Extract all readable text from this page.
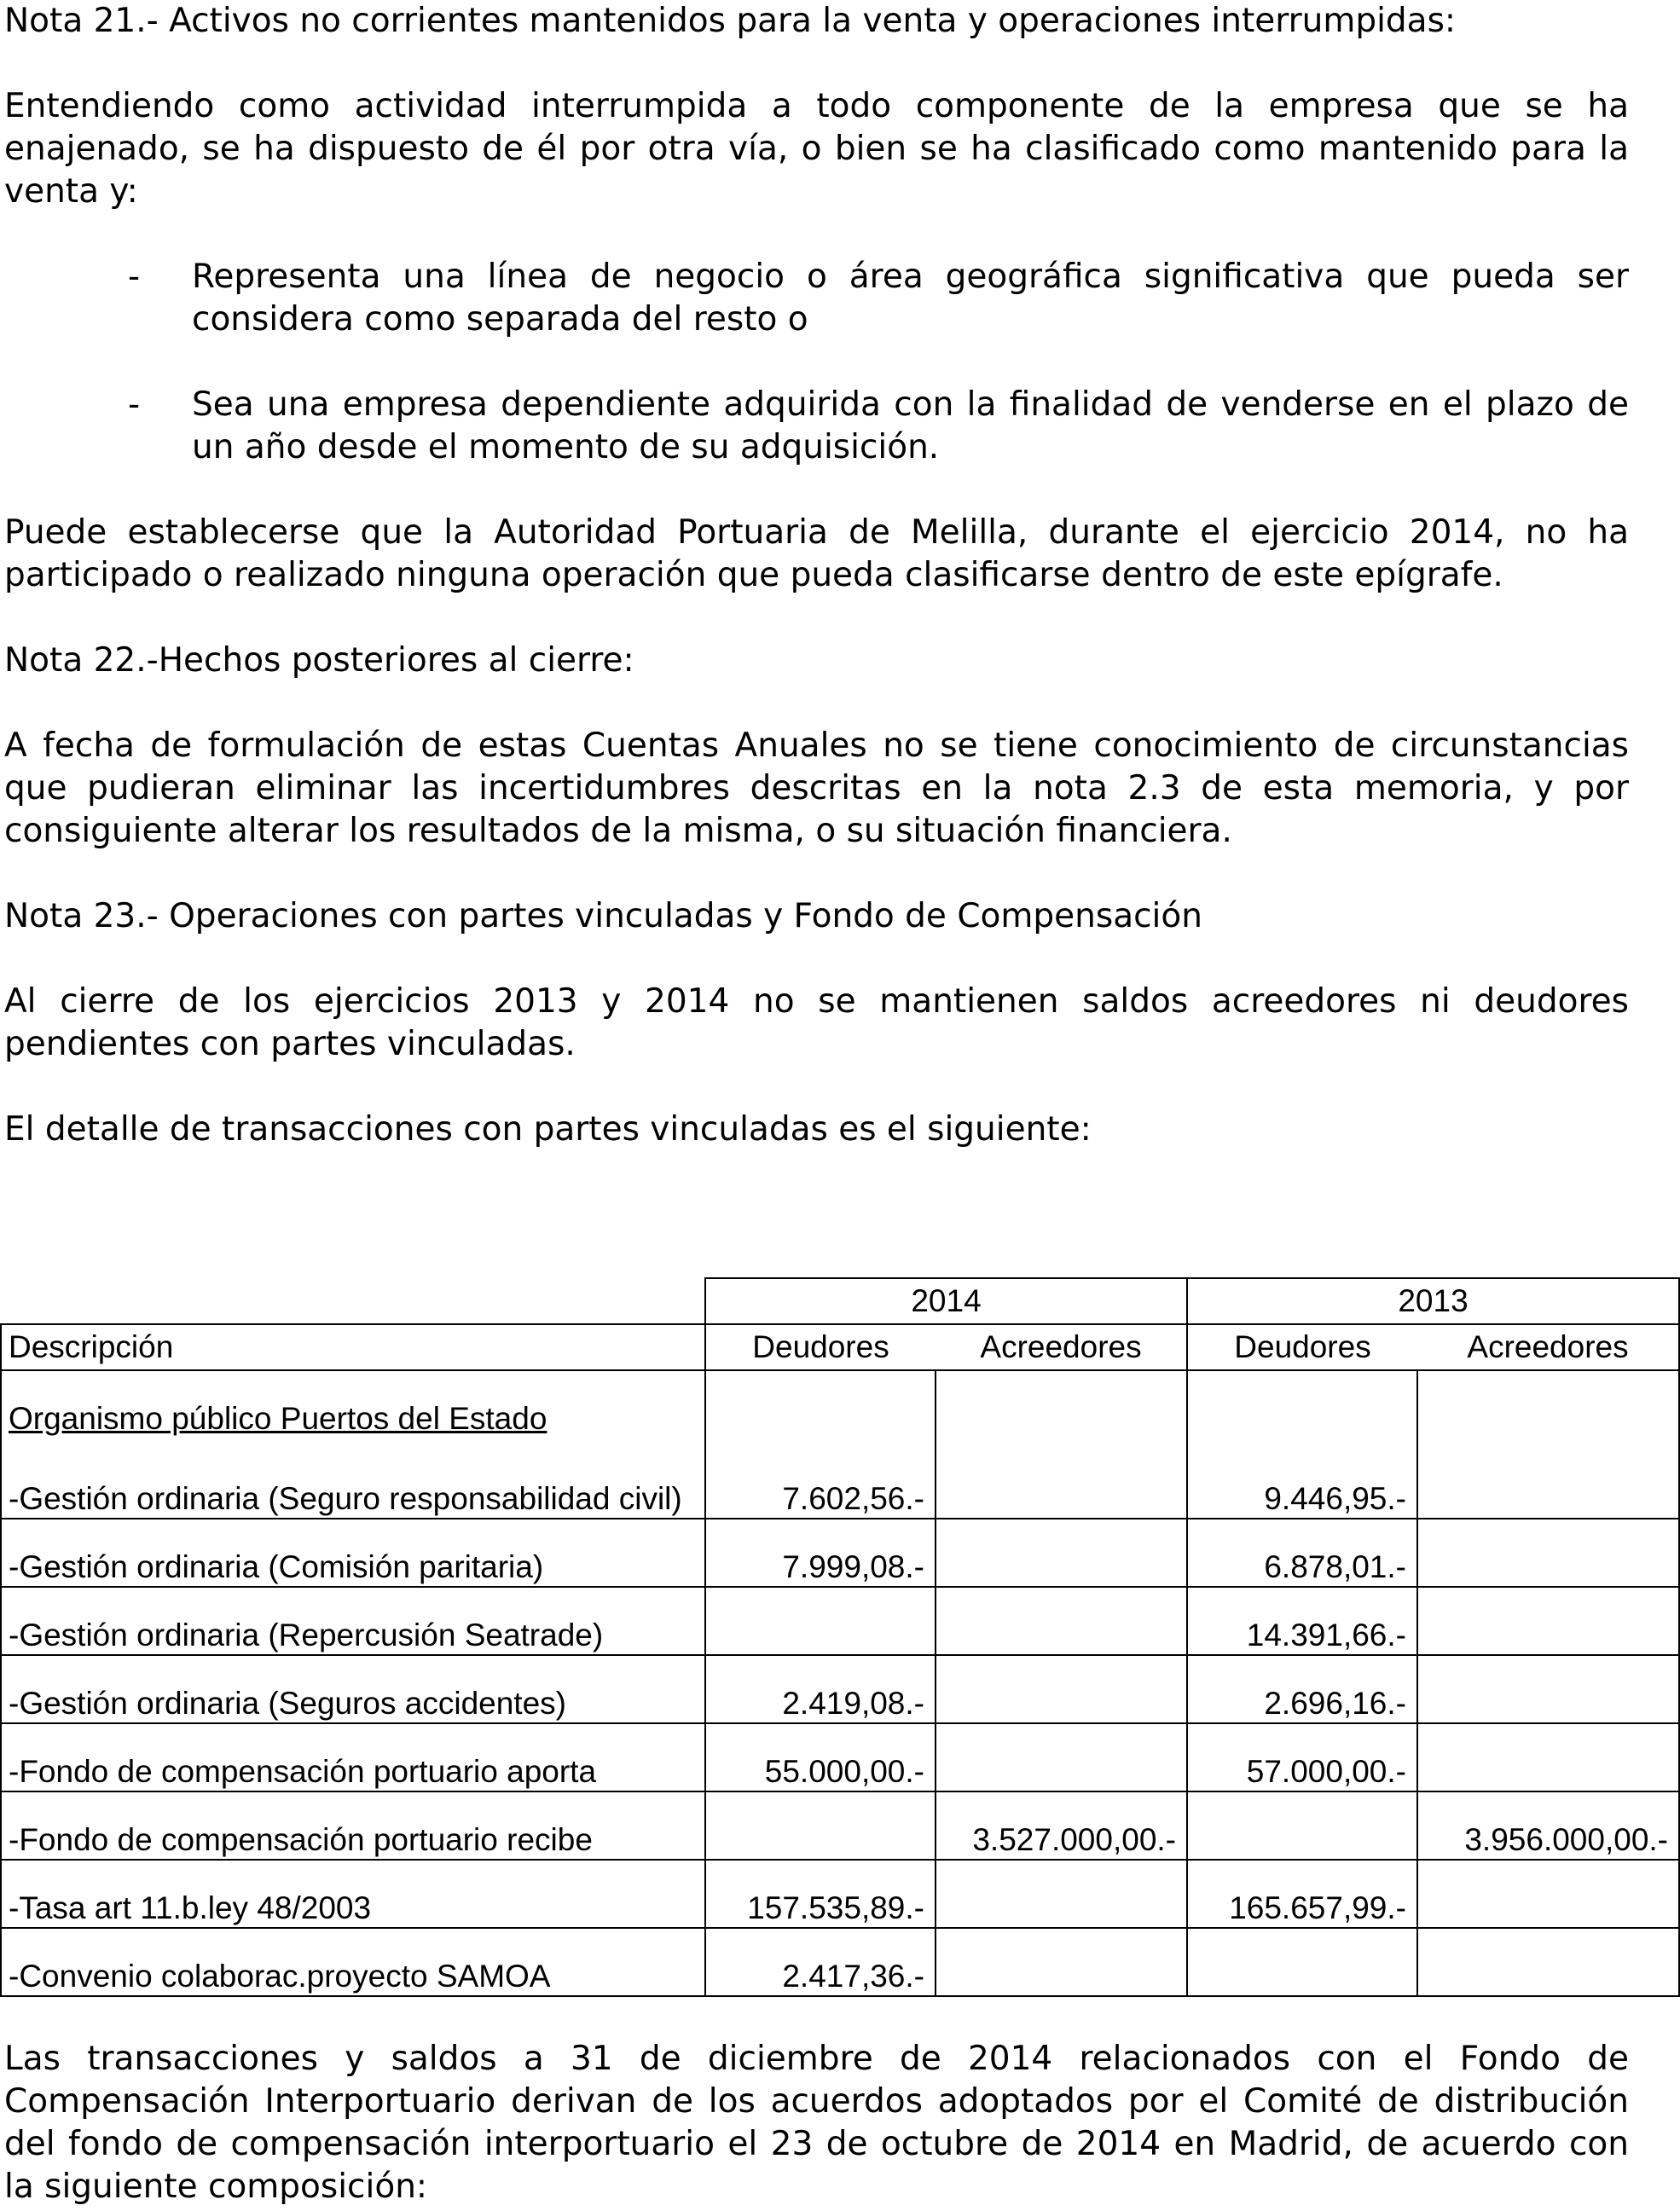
Nota 21.- Activos no corrientes mantenidos para la venta y operaciones interrumpidas:

Entendiendo como actividad interrumpida a todo componente de la empresa que se ha enajenado, se ha dispuesto de él por otra vía, o bien se ha clasificado como mantenido para la venta y:

- Representa una línea de negocio o área geográfica significativa que pueda ser considera como separada del resto o

- Sea una empresa dependiente adquirida con la finalidad de venderse en el plazo de un año desde el momento de su adquisición.

Puede establecerse que la Autoridad Portuaria de Melilla, durante el ejercicio 2014, no ha participado o realizado ninguna operación que pueda clasificarse dentro de este epígrafe.

Nota 22.-Hechos posteriores al cierre:

A fecha de formulación de estas Cuentas Anuales no se tiene conocimiento de circunstancias que pudieran eliminar las incertidumbres descritas en la nota 2.3 de esta memoria, y por consiguiente alterar los resultados de la misma, o su situación financiera.

Nota 23.- Operaciones con partes vinculadas y Fondo de Compensación

Al cierre de los ejercicios 2013 y 2014 no se mantienen saldos acreedores ni deudores pendientes con partes vinculadas.

El detalle de transacciones con partes vinculadas es el siguiente:

	2014		2013	
Descripción	Deudores	Acreedores	Deudores	Acreedores
Organismo público Puertos del Estado				
-Gestión ordinaria (Seguro responsabilidad civil)	7.602,56.-		9.446,95.-	
-Gestión ordinaria (Comisión paritaria)	7.999,08.-		6.878,01.-	
-Gestión ordinaria (Repercusión Seatrade)			14.391,66.-	
-Gestión ordinaria (Seguros accidentes)	2.419,08.-		2.696,16.-	
-Fondo de compensación portuario aporta	55.000,00.-		57.000,00.-	
-Fondo de compensación portuario recibe		3.527.000,00.-		3.956.000,00.-
-Tasa art 11.b.ley 48/2003	157.535,89.-		165.657,99.-	
-Convenio colaborac.proyecto SAMOA	2.417,36.-			

Las transacciones y saldos a 31 de diciembre de 2014 relacionados con el Fondo de Compensación Interportuario derivan de los acuerdos adoptados por el Comité de distribución del fondo de compensación interportuario el 23 de octubre de 2014 en Madrid, de acuerdo con la siguiente composición:
